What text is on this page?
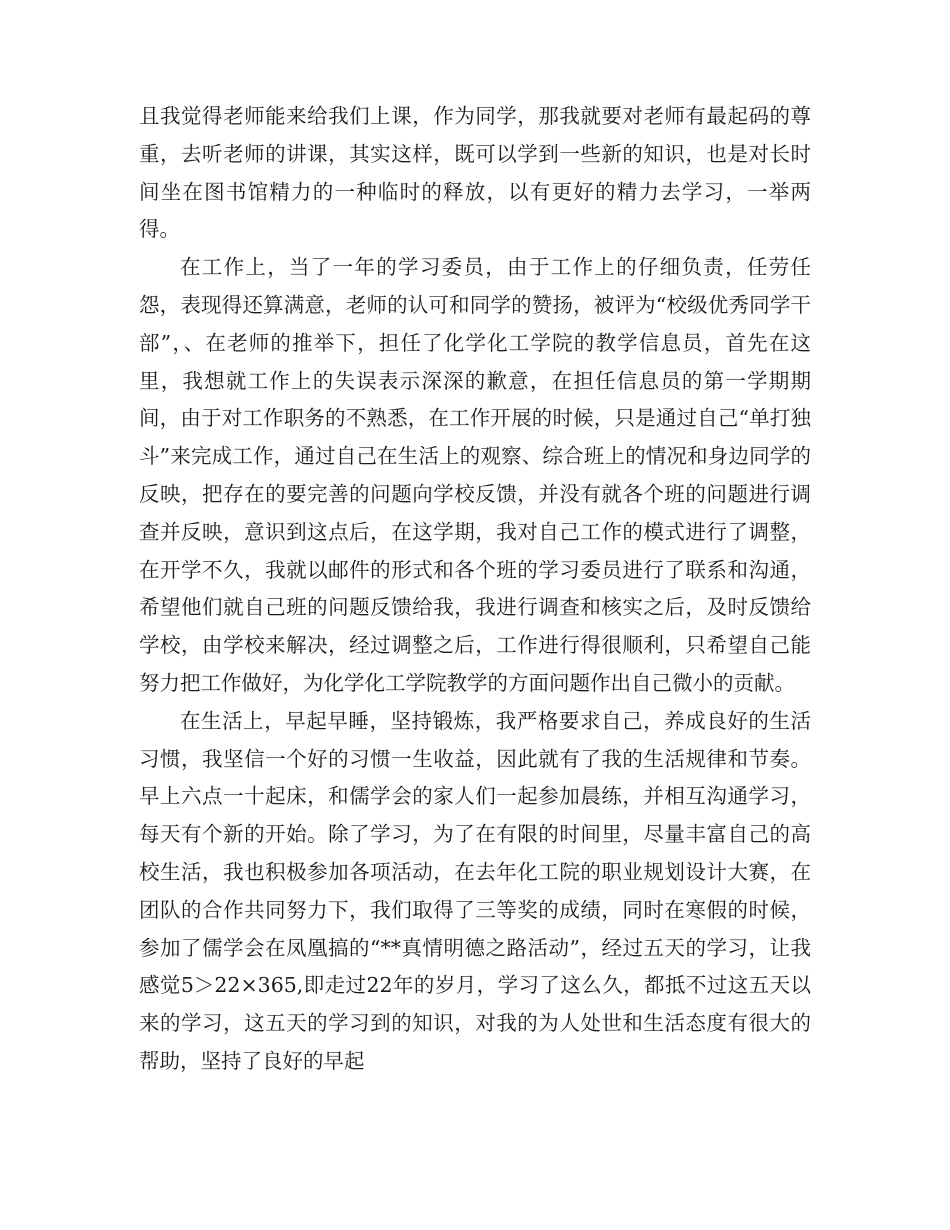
且我觉得老师能来给我们上课，作为同学，那我就要对老师有最起码的尊重，去听老师的讲课，其实这样，既可以学到一些新的知识，也是对长时间坐在图书馆精力的一种临时的释放，以有更好的精力去学习，一举两得。

在工作上，当了一年的学习委员，由于工作上的仔细负责，任劳任怨，表现得还算满意，老师的认可和同学的赞扬，被评为“校级优秀同学干部”，、在老师的推举下，担任了化学化工学院的教学信息员，首先在这里，我想就工作上的失误表示深深的歉意，在担任信息员的第一学期期间，由于对工作职务的不熟悉，在工作开展的时候，只是通过自己“单打独斗”来完成工作，通过自己在生活上的观察、综合班上的情况和身边同学的反映，把存在的要完善的问题向学校反馈，并没有就各个班的问题进行调查并反映，意识到这点后，在这学期，我对自己工作的模式进行了调整，在开学不久，我就以邮件的形式和各个班的学习委员进行了联系和沟通，希望他们就自己班的问题反馈给我，我进行调查和核实之后，及时反馈给学校，由学校来解决，经过调整之后，工作进行得很顺利，只希望自己能努力把工作做好，为化学化工学院教学的方面问题作出自己微小的贡献。

在生活上，早起早睡，坚持锻炼，我严格要求自己，养成良好的生活习惯，我坚信一个好的习惯一生收益，因此就有了我的生活规律和节奏。早上六点一十起床，和儒学会的家人们一起参加晨练，并相互沟通学习，每天有个新的开始。除了学习，为了在有限的时间里，尽量丰富自己的高校生活，我也积极参加各项活动，在去年化工院的职业规划设计大赛，在团队的合作共同努力下，我们取得了三等奖的成绩，同时在寒假的时候，参加了儒学会在凤凰搞的“**真情明德之路活动”，经过五天的学习，让我感觉5＞22×365,即走过22年的岁月，学习了这么久，都抵不过这五天以来的学习，这五天的学习到的知识，对我的为人处世和生活态度有很大的帮助，坚持了良好的早起
